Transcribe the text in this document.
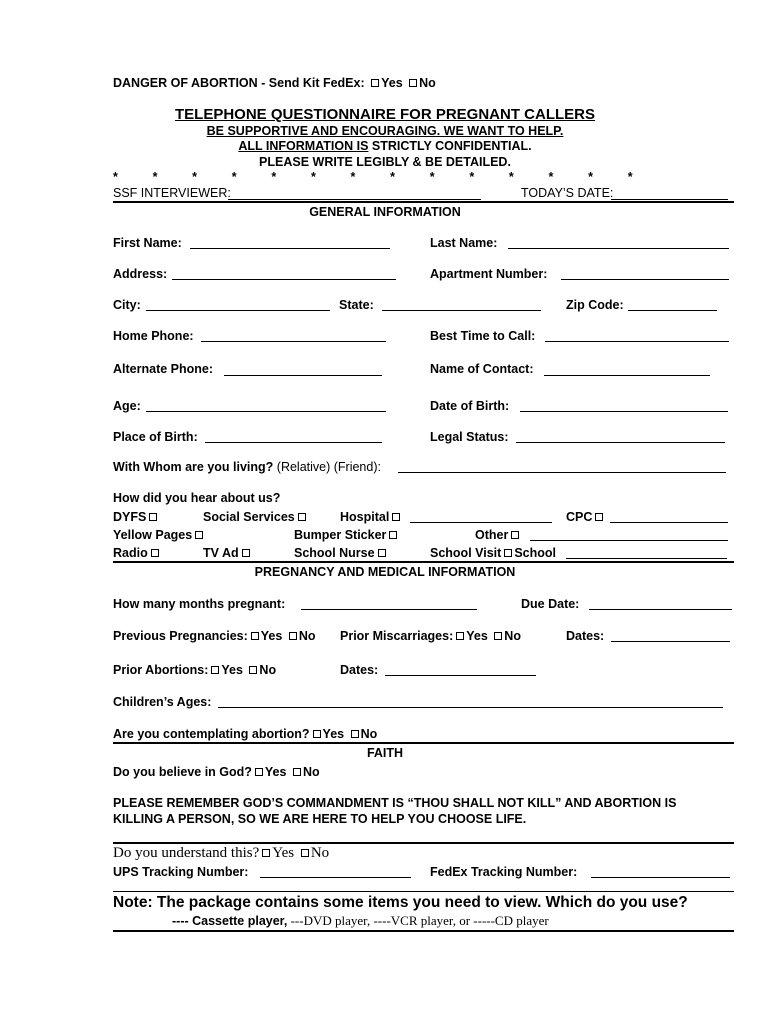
DANGER OF ABORTION - Send Kit FedEx: Yes No
TELEPHONE QUESTIONNAIRE FOR PREGNANT CALLERS
BE SUPPORTIVE AND ENCOURAGING. WE WANT TO HELP.
ALL INFORMATION IS STRICTLY CONFIDENTIAL.
PLEASE WRITE LEGIBLY & BE DETAILED.
*          *          *          *          *          *          *          *          *          *          *          *          *          *
SSF INTERVIEWER:	TODAY’S DATE:
GENERAL INFORMATION
First Name:	Last Name:
Address:	Apartment Number:
City:	State:	Zip Code:
Home Phone:	Best Time to Call:
Alternate Phone:	Name of Contact:
Age:	Date of Birth:
Place of Birth:	Legal Status:
With Whom are you living? (Relative) (Friend):
How did you hear about us?
DYFS	Social Services	Hospital	CPC
Yellow Pages	Bumper Sticker	Other
Radio	TV Ad	School Nurse	School Visit School
PREGNANCY AND MEDICAL INFORMATION
How many months pregnant:	Due Date:
Previous Pregnancies: Yes No Prior Miscarriages: Yes No	Dates:
Prior Abortions: Yes No	Dates:
Children’s Ages:
Are you contemplating abortion? Yes No
FAITH
Do you believe in God? Yes No
PLEASE REMEMBER GOD’S COMMANDMENT IS “THOU SHALL NOT KILL” AND ABORTION IS
KILLING A PERSON, SO WE ARE HERE TO HELP YOU CHOOSE LIFE.
Do you understand this? Yes No
UPS Tracking Number:	FedEx Tracking Number:
Note: The package contains some items you need to view. Which do you use?
---- Cassette player, ---DVD player, ----VCR player, or -----CD player
